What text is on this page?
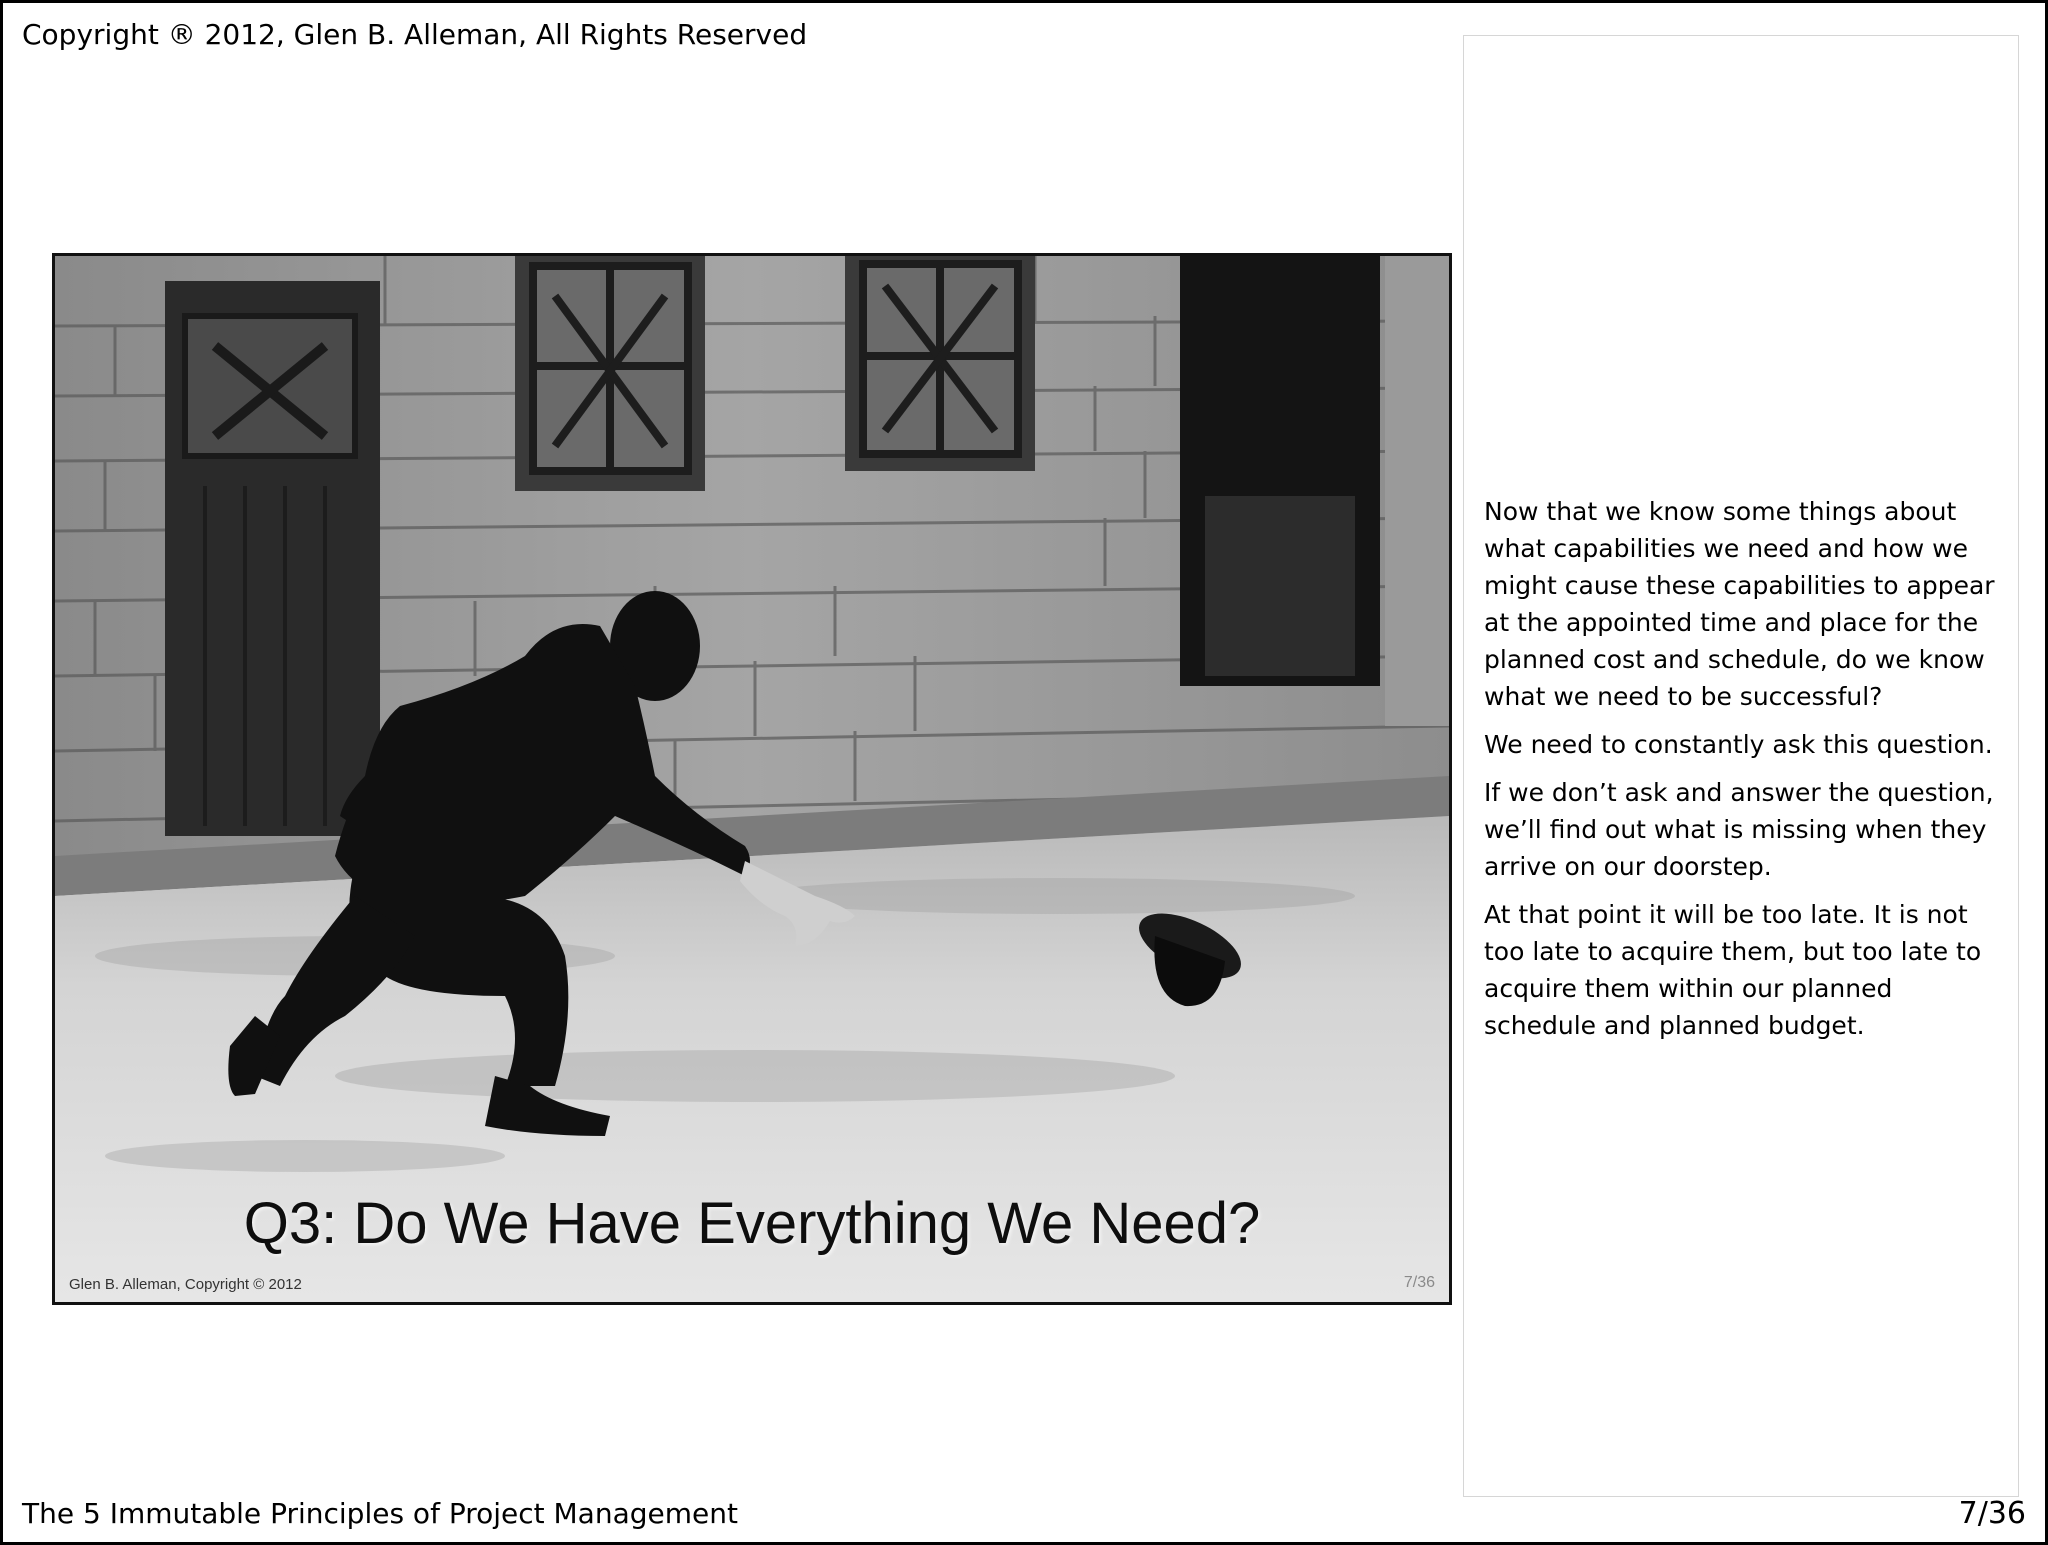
Copyright ® 2012, Glen B. Alleman, All Rights Reserved
Q3: Do We Have Everything We Need?
Glen B. Alleman, Copyright © 2012	7/36

Now that we know some things about what capabilities we need and how we might cause these capabilities to appear at the appointed time and place for the planned cost and schedule, do we know what we need to be successful?

We need to constantly ask this question.

If we don’t ask and answer the question, we’ll find out what is missing when they arrive on our doorstep.

At that point it will be too late. It is not too late to acquire them, but too late to acquire them within our planned schedule and planned budget.

The 5 Immutable Principles of Project Management	7/36
